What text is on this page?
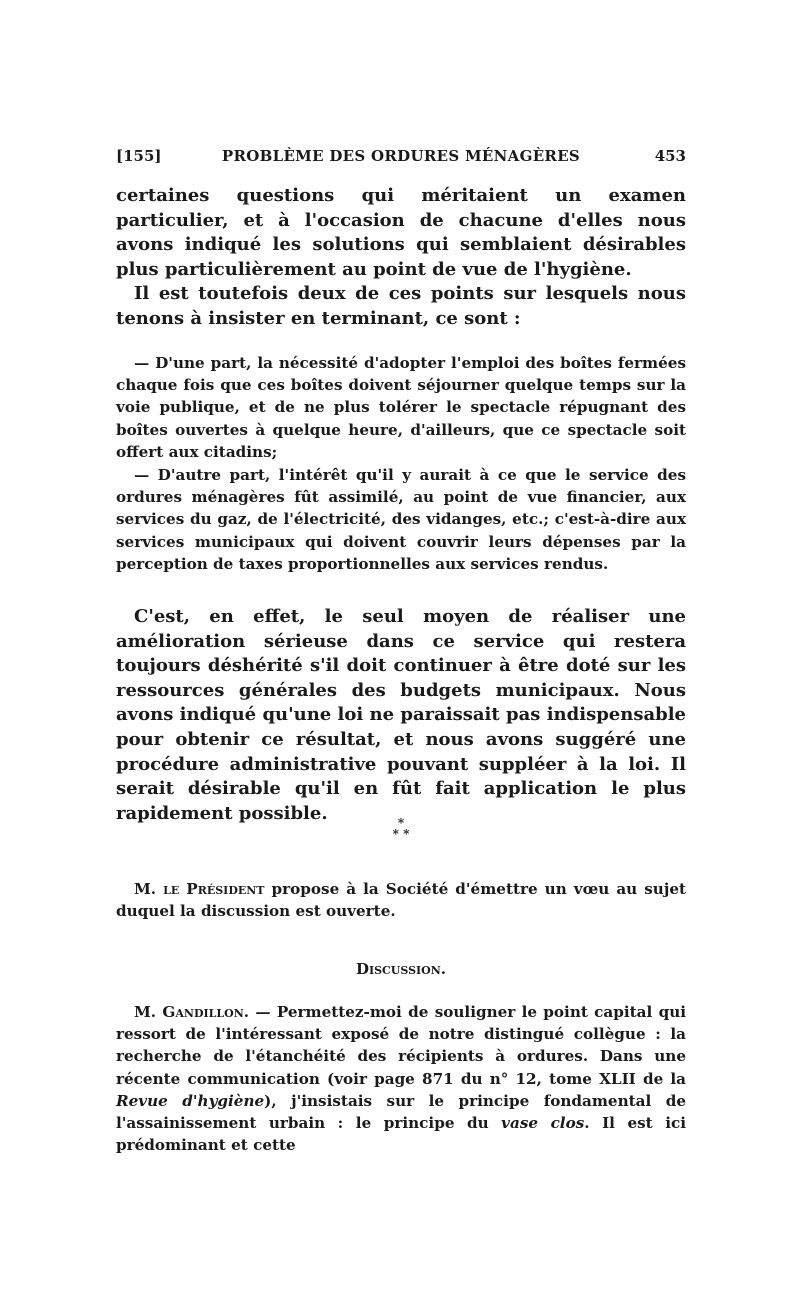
[155]	PROBLÈME DES ORDURES MÉNAGÈRES	453

certaines questions qui méritaient un examen particulier, et à l'occasion de chacune d'elles nous avons indiqué les solutions qui semblaient désirables plus particulièrement au point de vue de l'hygiène.

Il est toutefois deux de ces points sur lesquels nous tenons à insister en terminant, ce sont :

— D'une part, la nécessité d'adopter l'emploi des boîtes fermées chaque fois que ces boîtes doivent séjourner quelque temps sur la voie publique, et de ne plus tolérer le spectacle répugnant des boîtes ouvertes à quelque heure, d'ailleurs, que ce spectacle soit offert aux citadins;

— D'autre part, l'intérêt qu'il y aurait à ce que le service des ordures ménagères fût assimilé, au point de vue financier, aux services du gaz, de l'électricité, des vidanges, etc.; c'est-à-dire aux services municipaux qui doivent couvrir leurs dépenses par la perception de taxes proportionnelles aux services rendus.

C'est, en effet, le seul moyen de réaliser une amélioration sérieuse dans ce service qui restera toujours déshérité s'il doit continuer à être doté sur les ressources générales des budgets municipaux. Nous avons indiqué qu'une loi ne paraissait pas indispensable pour obtenir ce résultat, et nous avons suggéré une procédure administrative pouvant suppléer à la loi. Il serait désirable qu'il en fût fait application le plus rapidement possible.	*
* *

M. le Président propose à la Société d'émettre un vœu au sujet duquel la discussion est ouverte.

Discussion.

M. Gandillon. — Permettez-moi de souligner le point capital qui ressort de l'intéressant exposé de notre distingué collègue : la recherche de l'étanchéité des récipients à ordures. Dans une récente communication (voir page 871 du n° 12, tome XLII de la Revue d'hygiène), j'insistais sur le principe fondamental de l'assainissement urbain : le principe du vase clos. Il est ici prédominant et cette
